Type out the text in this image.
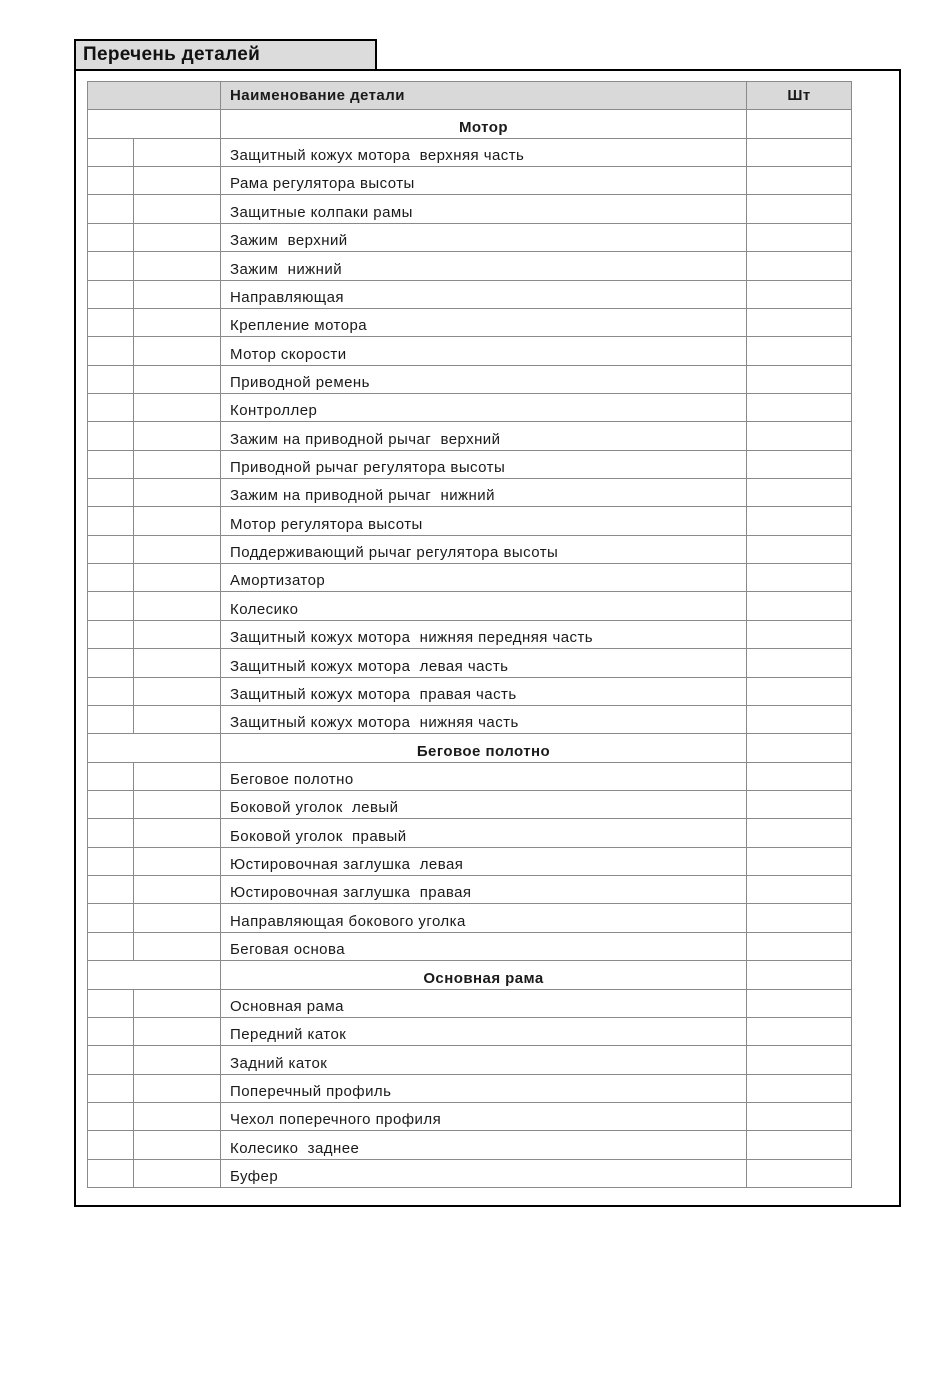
Перечень деталей
		Наименование детали	Шт
		Мотор	
		Защитный кожух мотора  верхняя часть	
		Рама регулятора высоты	
		Защитные колпаки рамы	
		Зажим  верхний	
		Зажим  нижний	
		Направляющая	
		Крепление мотора	
		Мотор скорости	
		Приводной ремень	
		Контроллер	
		Зажим на приводной рычаг  верхний	
		Приводной рычаг регулятора высоты	
		Зажим на приводной рычаг  нижний	
		Мотор регулятора высоты	
		Поддерживающий рычаг регулятора высоты	
		Амортизатор	
		Колесико	
		Защитный кожух мотора  нижняя передняя часть	
		Защитный кожух мотора  левая часть	
		Защитный кожух мотора  правая часть	
		Защитный кожух мотора  нижняя часть	
		Беговое полотно	
		Беговое полотно	
		Боковой уголок  левый	
		Боковой уголок  правый	
		Юстировочная заглушка  левая	
		Юстировочная заглушка  правая	
		Направляющая бокового уголка	
		Беговая основа	
		Основная рама	
		Основная рама	
		Передний каток	
		Задний каток	
		Поперечный профиль	
		Чехол поперечного профиля	
		Колесико  заднее	
		Буфер	
